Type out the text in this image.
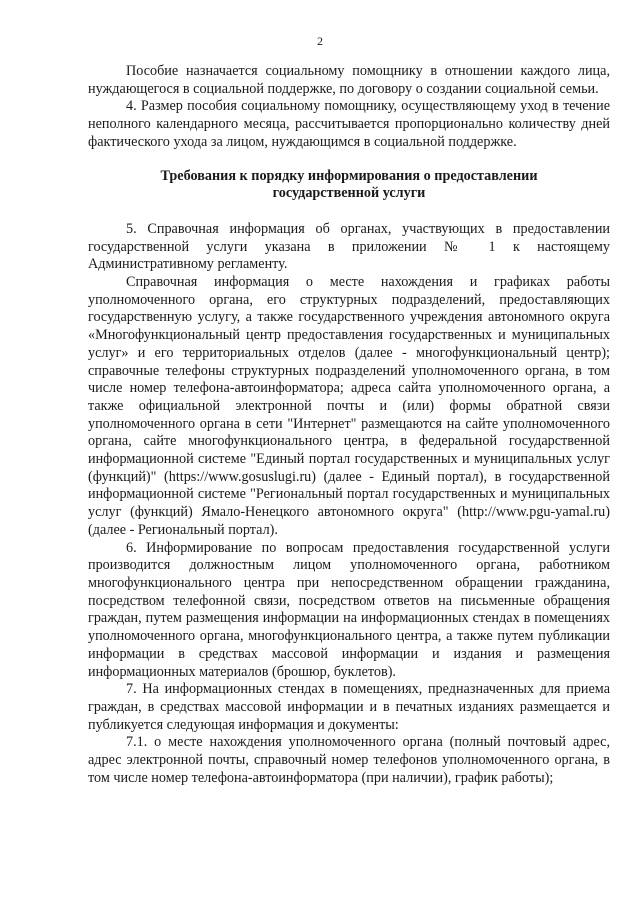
2

Пособие назначается социальному помощнику в отношении каждого лица, нуждающегося в социальной поддержке, по договору о создании социальной семьи.

4. Размер пособия социальному помощнику, осуществляющему уход в течение неполного календарного месяца, рассчитывается пропорционально количеству дней фактического ухода за лицом, нуждающимся в социальной поддержке.

Требования к порядку информирования о предоставлении государственной услуги

5. Справочная информация об органах, участвующих в предоставлении государственной услуги указана в приложении № 1 к настоящему Административному регламенту.

Справочная информация о месте нахождения и графиках работы уполномоченного органа, его структурных подразделений, предоставляющих государственную услугу, а также государственного учреждения автономного округа «Многофункциональный центр предоставления государственных и муниципальных услуг» и его территориальных отделов (далее - многофункциональный центр); справочные телефоны структурных подразделений уполномоченного органа, в том числе номер телефона-автоинформатора; адреса сайта уполномоченного органа, а также официальной электронной почты и (или) формы обратной связи уполномоченного органа в сети "Интернет" размещаются на сайте уполномоченного органа, сайте многофункционального центра, в федеральной государственной информационной системе "Единый портал государственных и муниципальных услуг (функций)" (https://www.gosuslugi.ru) (далее - Единый портал), в государственной информационной системе "Региональный портал государственных и муниципальных услуг (функций) Ямало-Ненецкого автономного округа" (http://www.pgu-yamal.ru) (далее - Региональный портал).

6. Информирование по вопросам предоставления государственной услуги производится должностным лицом уполномоченного органа, работником многофункционального центра при непосредственном обращении гражданина, посредством телефонной связи, посредством ответов на письменные обращения граждан, путем размещения информации на информационных стендах в помещениях уполномоченного органа, многофункционального центра, а также путем публикации информации в средствах массовой информации и издания и размещения информационных материалов (брошюр, буклетов).

7. На информационных стендах в помещениях, предназначенных для приема граждан, в средствах массовой информации и в печатных изданиях размещается и публикуется следующая информация и документы:

7.1. о месте нахождения уполномоченного органа (полный почтовый адрес, адрес электронной почты, справочный номер телефонов уполномоченного органа, в том числе номер телефона-автоинформатора (при наличии), график работы);
